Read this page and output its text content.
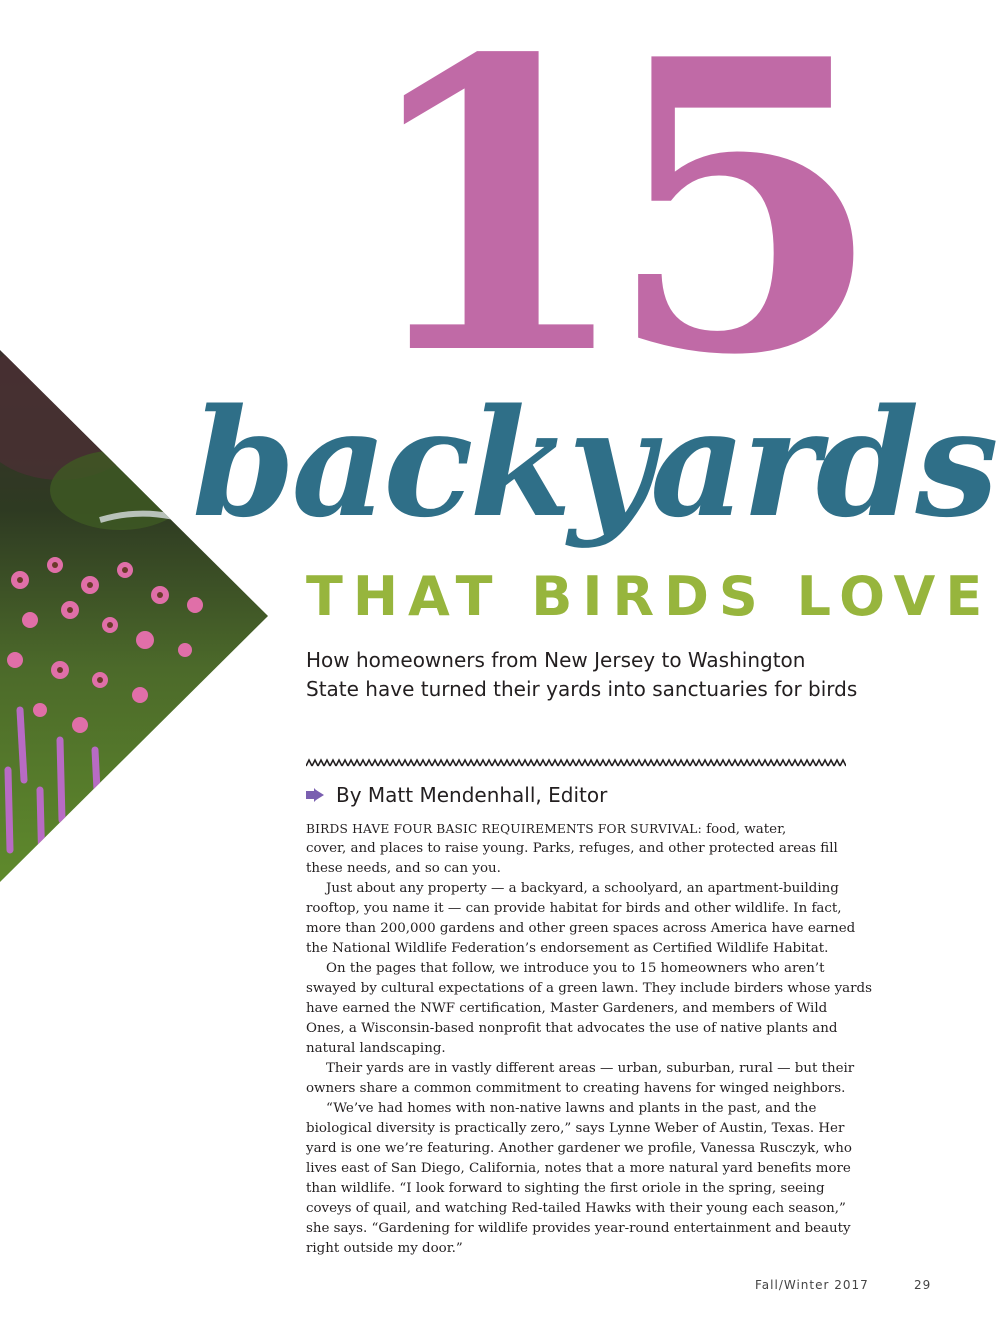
15
backyards
THAT BIRDS LOVE
How homeowners from New Jersey to Washington
State have turned their yards into sanctuaries for birds
By Matt Mendenhall, Editor
BIRDS HAVE FOUR BASIC REQUIREMENTS FOR SURVIVAL: food, water,
cover, and places to raise young. Parks, refuges, and other protected areas fill
these needs, and so can you.
Just about any property — a backyard, a schoolyard, an apartment-building
rooftop, you name it — can provide habitat for birds and other wildlife. In fact,
more than 200,000 gardens and other green spaces across America have earned
the National Wildlife Federation’s endorsement as Certified Wildlife Habitat.
On the pages that follow, we introduce you to 15 homeowners who aren’t
swayed by cultural expectations of a green lawn. They include birders whose yards
have earned the NWF certification, Master Gardeners, and members of Wild
Ones, a Wisconsin-based nonprofit that advocates the use of native plants and
natural landscaping.
Their yards are in vastly different areas — urban, suburban, rural — but their
owners share a common commitment to creating havens for winged neighbors.
“We’ve had homes with non-native lawns and plants in the past, and the
biological diversity is practically zero,” says Lynne Weber of Austin, Texas. Her
yard is one we’re featuring. Another gardener we profile, Vanessa Rusczyk, who
lives east of San Diego, California, notes that a more natural yard benefits more
than wildlife. “I look forward to sighting the first oriole in the spring, seeing
coveys of quail, and watching Red-tailed Hawks with their young each season,”
she says. “Gardening for wildlife provides year-round entertainment and beauty
right outside my door.”
Fall/Winter 2017	29
